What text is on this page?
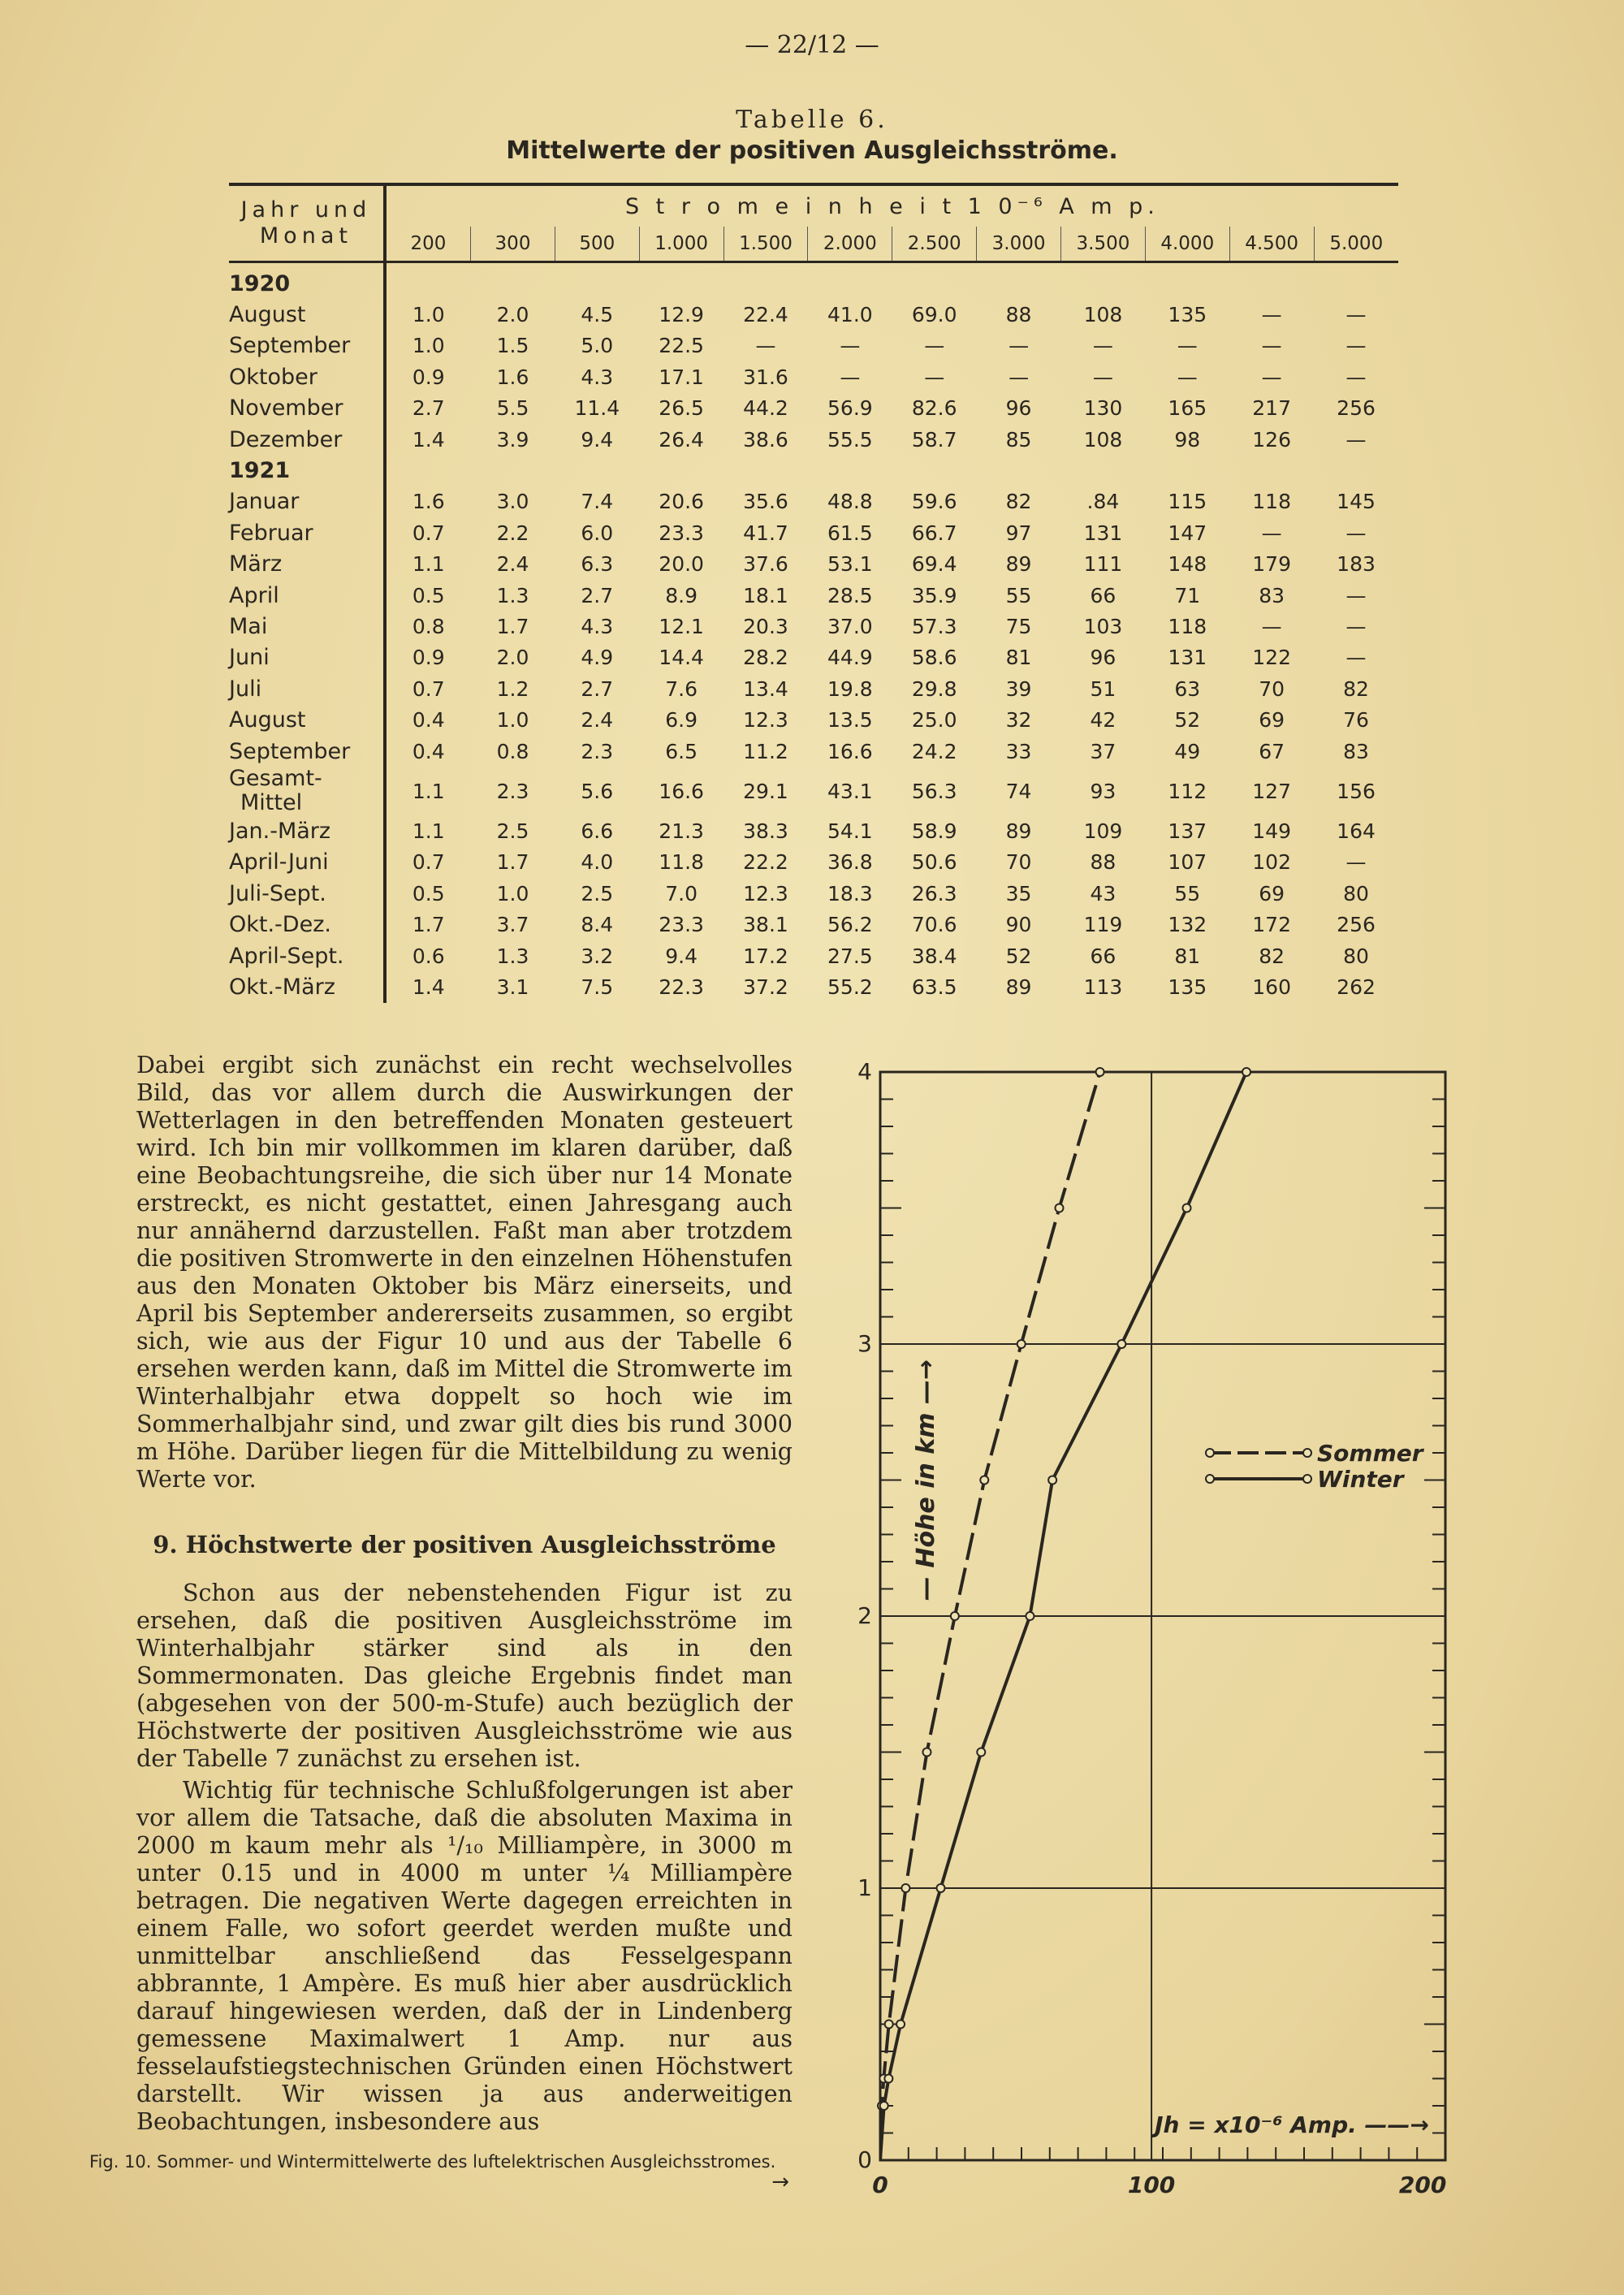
— 22/12 —
Tabelle 6.
Mittelwerte der positiven Ausgleichsströme.
Jahr und
Monat	S t r o m e i n h e i t 1 0⁻⁶ A m p.											
	200	300	500	1.000	1.500	2.000	2.500	3.000	3.500	4.000	4.500	5.000
1920												
August	1.0	2.0	4.5	12.9	22.4	41.0	69.0	88	108	135	—	—
September	1.0	1.5	5.0	22.5	—	—	—	—	—	—	—	—
Oktober	0.9	1.6	4.3	17.1	31.6	—	—	—	—	—	—	—
November	2.7	5.5	11.4	26.5	44.2	56.9	82.6	96	130	165	217	256
Dezember	1.4	3.9	9.4	26.4	38.6	55.5	58.7	85	108	98	126	—
1921												
Januar	1.6	3.0	7.4	20.6	35.6	48.8	59.6	82	.84	115	118	145
Februar	0.7	2.2	6.0	23.3	41.7	61.5	66.7	97	131	147	—	—
März	1.1	2.4	6.3	20.0	37.6	53.1	69.4	89	111	148	179	183
April	0.5	1.3	2.7	8.9	18.1	28.5	35.9	55	66	71	83	—
Mai	0.8	1.7	4.3	12.1	20.3	37.0	57.3	75	103	118	—	—
Juni	0.9	2.0	4.9	14.4	28.2	44.9	58.6	81	96	131	122	—
Juli	0.7	1.2	2.7	7.6	13.4	19.8	29.8	39	51	63	70	82
August	0.4	1.0	2.4	6.9	12.3	13.5	25.0	32	42	52	69	76
September	0.4	0.8	2.3	6.5	11.2	16.6	24.2	33	37	49	67	83
Gesamt-
Mittel	1.1	2.3	5.6	16.6	29.1	43.1	56.3	74	93	112	127	156
Jan.-März	1.1	2.5	6.6	21.3	38.3	54.1	58.9	89	109	137	149	164
April-Juni	0.7	1.7	4.0	11.8	22.2	36.8	50.6	70	88	107	102	—
Juli-Sept.	0.5	1.0	2.5	7.0	12.3	18.3	26.3	35	43	55	69	80
Okt.-Dez.	1.7	3.7	8.4	23.3	38.1	56.2	70.6	90	119	132	172	256
April-Sept.	0.6	1.3	3.2	9.4	17.2	27.5	38.4	52	66	81	82	80
Okt.-März	1.4	3.1	7.5	22.3	37.2	55.2	63.5	89	113	135	160	262

Dabei ergibt sich zunächst ein recht wechselvolles Bild, das vor allem durch die Auswirkungen der Wetterlagen in den betreffenden Monaten gesteuert wird. Ich bin mir vollkommen im klaren darüber, daß eine Beobachtungsreihe, die sich über nur 14 Monate erstreckt, es nicht gestattet, einen Jahresgang auch nur annähernd darzustellen. Faßt man aber trotzdem die positiven Stromwerte in den einzelnen Höhenstufen aus den Monaten Oktober bis März einerseits, und April bis September andererseits zusammen, so ergibt sich, wie aus der Figur 10 und aus der Tabelle 6 ersehen werden kann, daß im Mittel die Stromwerte im Winterhalbjahr etwa doppelt so hoch wie im Sommerhalbjahr sind, und zwar gilt dies bis rund 3000 m Höhe. Darüber liegen für die Mittelbildung zu wenig Werte vor.

9. Höchstwerte der positiven Ausgleichsströme

Schon aus der nebenstehenden Figur ist zu ersehen, daß die positiven Ausgleichsströme im Winterhalbjahr stärker sind als in den Sommermonaten. Das gleiche Ergebnis findet man (abgesehen von der 500-m-Stufe) auch bezüglich der Höchstwerte der positiven Ausgleichsströme wie aus der Tabelle 7 zunächst zu ersehen ist.

Wichtig für technische Schlußfolgerungen ist aber vor allem die Tatsache, daß die absoluten Maxima in 2000 m kaum mehr als ¹/₁₀ Milliampère, in 3000 m unter 0.15 und in 4000 m unter ¼ Milliampère betragen. Die negativen Werte dagegen erreichten in einem Falle, wo sofort geerdet werden mußte und unmittelbar anschließend das Fesselgespann abbrannte, 1 Ampère. Es muß hier aber ausdrücklich darauf hingewiesen werden, daß der in Lindenberg gemessene Maximalwert 1 Amp. nur aus fesselaufstiegstechnischen Gründen einen Höchstwert darstellt. Wir wissen ja aus anderweitigen Beobachtungen, insbesondere aus

Fig. 10. Sommer- und Wintermittelwerte des luftelektrischen Ausgleichsstromes.
→
0
1
2
3
4
0	100	200
— Höhe in km —→
Jh = x10⁻⁶ Amp. ——→
Sommer
Winter
